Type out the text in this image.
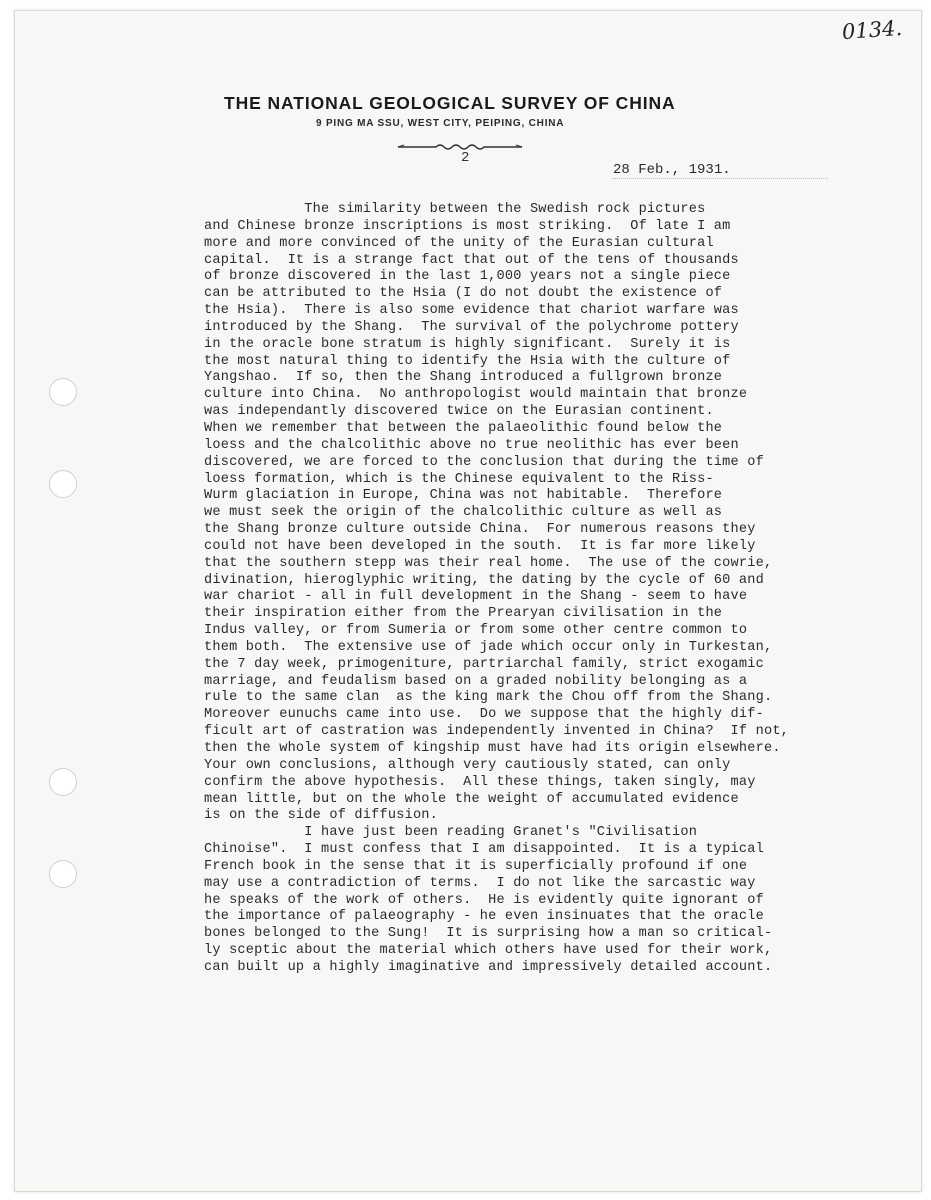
0134.
THE NATIONAL GEOLOGICAL SURVEY OF CHINA
9 PING MA SSU, WEST CITY, PEIPING, CHINA
2
28 Feb., 1931.
The similarity between the Swedish rock pictures
and Chinese bronze inscriptions is most striking.  Of late I am
more and more convinced of the unity of the Eurasian cultural
capital.  It is a strange fact that out of the tens of thousands
of bronze discovered in the last 1,000 years not a single piece
can be attributed to the Hsia (I do not doubt the existence of
the Hsia).  There is also some evidence that chariot warfare was
introduced by the Shang.  The survival of the polychrome pottery
in the oracle bone stratum is highly significant.  Surely it is
the most natural thing to identify the Hsia with the culture of
Yangshao.  If so, then the Shang introduced a fullgrown bronze
culture into China.  No anthropologist would maintain that bronze
was independantly discovered twice on the Eurasian continent.
When we remember that between the palaeolithic found below the
loess and the chalcolithic above no true neolithic has ever been
discovered, we are forced to the conclusion that during the time of
loess formation, which is the Chinese equivalent to the Riss-
Wurm glaciation in Europe, China was not habitable.  Therefore
we must seek the origin of the chalcolithic culture as well as
the Shang bronze culture outside China.  For numerous reasons they
could not have been developed in the south.  It is far more likely
that the southern stepp was their real home.  The use of the cowrie,
divination, hieroglyphic writing, the dating by the cycle of 60 and
war chariot - all in full development in the Shang - seem to have
their inspiration either from the Prearyan civilisation in the
Indus valley, or from Sumeria or from some other centre common to
them both.  The extensive use of jade which occur only in Turkestan,
the 7 day week, primogeniture, partriarchal family, strict exogamic
marriage, and feudalism based on a graded nobility belonging as a
rule to the same clan  as the king mark the Chou off from the Shang.
Moreover eunuchs came into use.  Do we suppose that the highly dif-
ficult art of castration was independently invented in China?  If not,
then the whole system of kingship must have had its origin elsewhere.
Your own conclusions, although very cautiously stated, can only
confirm the above hypothesis.  All these things, taken singly, may
mean little, but on the whole the weight of accumulated evidence
is on the side of diffusion.
I have just been reading Granet's "Civilisation
Chinoise".  I must confess that I am disappointed.  It is a typical
French book in the sense that it is superficially profound if one
may use a contradiction of terms.  I do not like the sarcastic way
he speaks of the work of others.  He is evidently quite ignorant of
the importance of palaeography - he even insinuates that the oracle
bones belonged to the Sung!  It is surprising how a man so critical-
ly sceptic about the material which others have used for their work,
can built up a highly imaginative and impressively detailed account.
